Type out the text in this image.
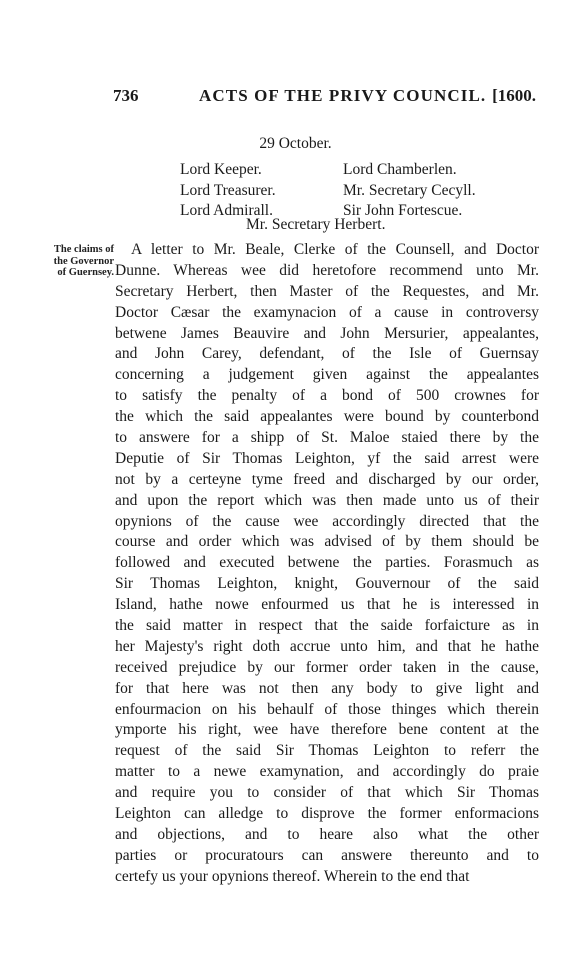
736	ACTS OF THE PRIVY COUNCIL. [1600.
29 October.
Lord Keeper.	Lord Chamberlen.
Lord Treasurer.	Mr. Secretary Cecyll.
Lord Admirall.	Sir John Fortescue.
Mr. Secretary Herbert.
The claims of
the Governor
of Guernsey.
A letter to Mr. Beale, Clerke of the Counsell, and Doctor
Dunne. Whereas wee did heretofore recommend unto Mr.
Secretary Herbert, then Master of the Requestes, and Mr.
Doctor Cæsar the examynacion of a cause in controversy
betwene James Beauvire and John Mersurier, appealantes,
and John Carey, defendant, of the Isle of Guernsay
concerning a judgement given against the appealantes
to satisfy the penalty of a bond of 500 crownes for
the which the said appealantes were bound by counterbond
to answere for a shipp of St. Maloe staied there by the
Deputie of Sir Thomas Leighton, yf the said arrest were
not by a certeyne tyme freed and discharged by our order,
and upon the report which was then made unto us of their
opynions of the cause wee accordingly directed that the
course and order which was advised of by them should be
followed and executed betwene the parties. Forasmuch as
Sir Thomas Leighton, knight, Gouvernour of the said
Island, hathe nowe enfourmed us that he is interessed in
the said matter in respect that the saide forfaicture as in
her Majesty's right doth accrue unto him, and that he hathe
received prejudice by our former order taken in the cause,
for that here was not then any body to give light and
enfourmacion on his behaulf of those thinges which therein
ymporte his right, wee have therefore bene content at the
request of the said Sir Thomas Leighton to referr the
matter to a newe examynation, and accordingly do praie
and require you to consider of that which Sir Thomas
Leighton can alledge to disprove the former enformacions
and objections, and to heare also what the other
parties or procuratours can answere thereunto and to
certefy us your opynions thereof. Wherein to the end that
